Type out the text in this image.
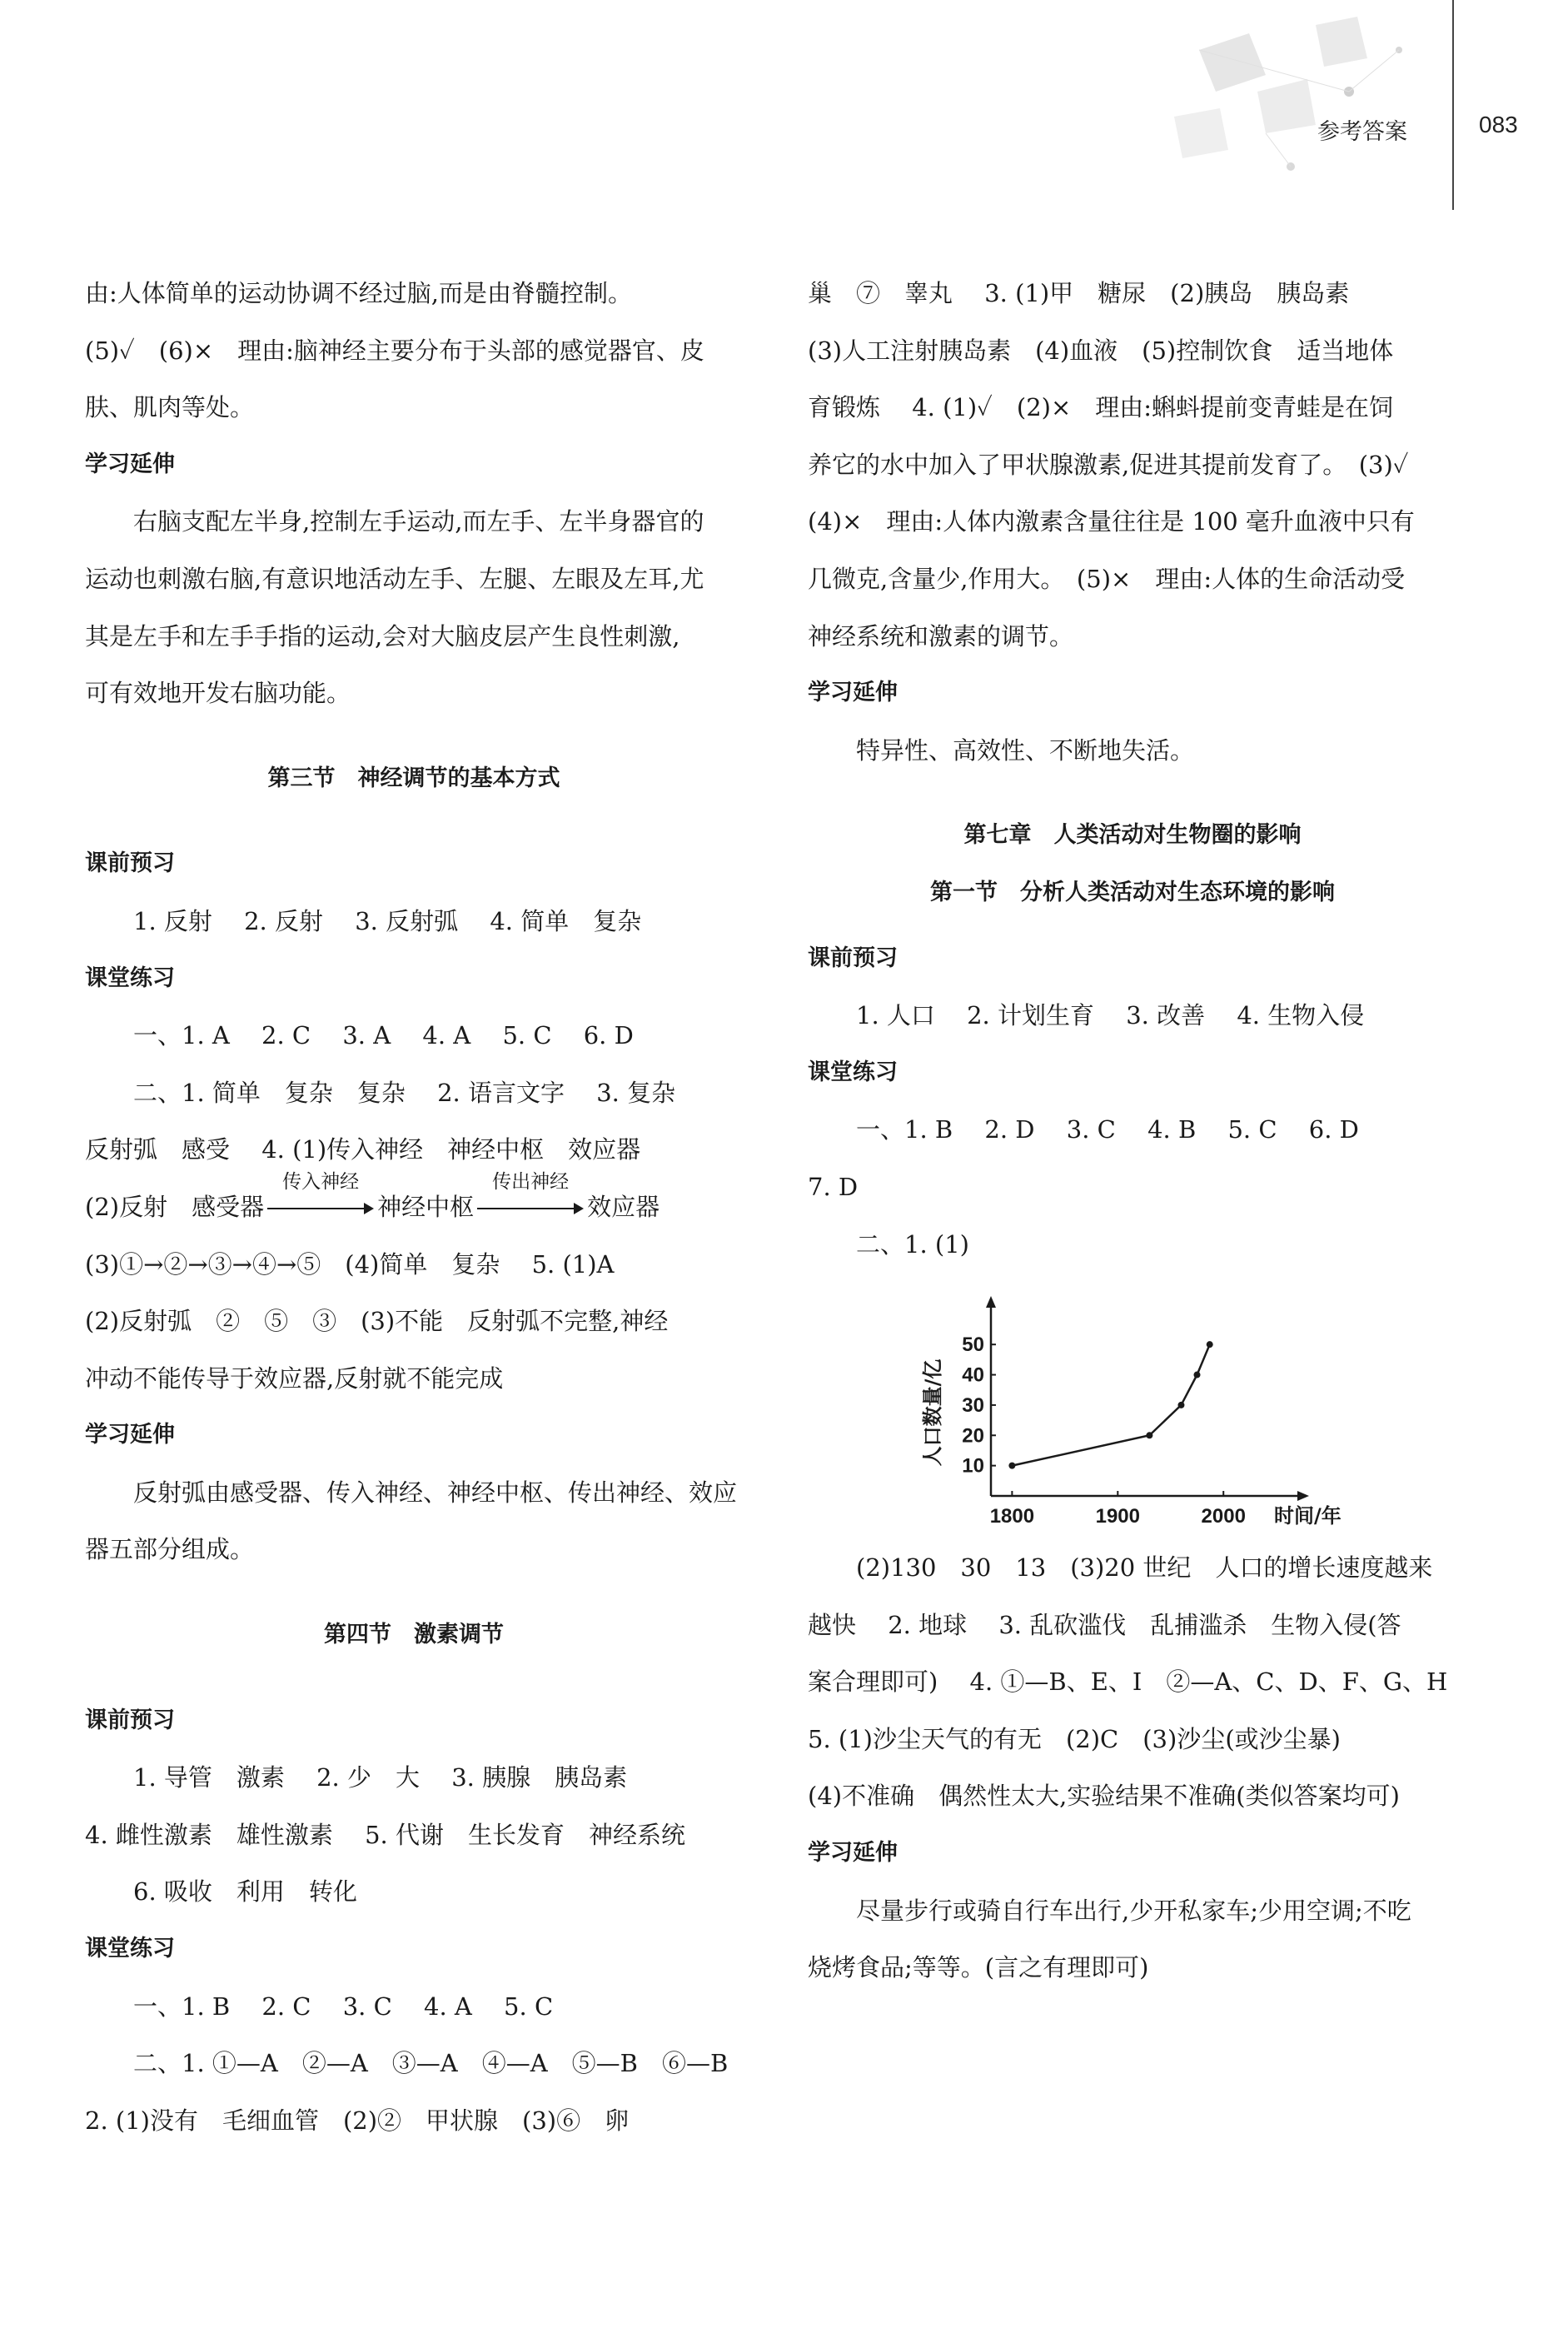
参考答案	083
由:人体简单的运动协调不经过脑,而是由脊髓控制。
(5)✓　(6)×　理由:脑神经主要分布于头部的感觉器官、皮
肤、肌肉等处。
学习延伸
右脑支配左半身,控制左手运动,而左手、左半身器官的
运动也刺激右脑,有意识地活动左手、左腿、左眼及左耳,尤
其是左手和左手手指的运动,会对大脑皮层产生良性刺激,
可有效地开发右脑功能。
第三节　神经调节的基本方式
课前预习
1. 反射　 2. 反射　 3. 反射弧　 4. 简单　复杂
课堂练习
一、1. A　 2. C　 3. A　 4. A　 5. C　 6. D
二、1. 简单　复杂　复杂　 2. 语言文字　 3. 复杂
反射弧　感受　 4. (1)传入神经　神经中枢　效应器
(2)反射　感受器
传入神经
神经中枢
传出神经
效应器
(3)①→②→③→④→⑤　(4)简单　复杂　 5. (1)A
(2)反射弧　②　⑤　③　(3)不能　反射弧不完整,神经
冲动不能传导于效应器,反射就不能完成
学习延伸
反射弧由感受器、传入神经、神经中枢、传出神经、效应
器五部分组成。
第四节　激素调节
课前预习
1. 导管　激素　 2. 少　大　 3. 胰腺　胰岛素
4. 雌性激素　雄性激素　 5. 代谢　生长发育　神经系统
6. 吸收　利用　转化
课堂练习
一、1. B　 2. C　 3. C　 4. A　 5. C
二、1. ①—A　②—A　③—A　④—A　⑤—B　⑥—B
2. (1)没有　毛细血管　(2)②　甲状腺　(3)⑥　卵
巢　⑦　睾丸　 3. (1)甲　糖尿　(2)胰岛　胰岛素
(3)人工注射胰岛素　(4)血液　(5)控制饮食　适当地体
育锻炼　 4. (1)✓　(2)×　理由:蝌蚪提前变青蛙是在饲
养它的水中加入了甲状腺激素,促进其提前发育了。　(3)✓
(4)×　理由:人体内激素含量往往是 100 毫升血液中只有
几微克,含量少,作用大。　(5)×　理由:人体的生命活动受
神经系统和激素的调节。
学习延伸
特异性、高效性、不断地失活。
第七章　人类活动对生物圈的影响
第一节　分析人类活动对生态环境的影响
课前预习
1. 人口　 2. 计划生育　 3. 改善　 4. 生物入侵
课堂练习
一、1. B　 2. D　 3. C　 4. B　 5. C　 6. D
7. D
二、1. (1)
10
20
30
40
50
1800	1900	2000 时间/年
人口数量/亿
(2)130　30　13　(3)20 世纪　人口的增长速度越来
越快　 2. 地球　 3. 乱砍滥伐　乱捕滥杀　生物入侵(答
案合理即可)　 4. ①—B、E、I　②—A、C、D、F、G、H
5. (1)沙尘天气的有无　(2)C　(3)沙尘(或沙尘暴)
(4)不准确　偶然性太大,实验结果不准确(类似答案均可)
学习延伸
尽量步行或骑自行车出行,少开私家车;少用空调;不吃
烧烤食品;等等。(言之有理即可)
